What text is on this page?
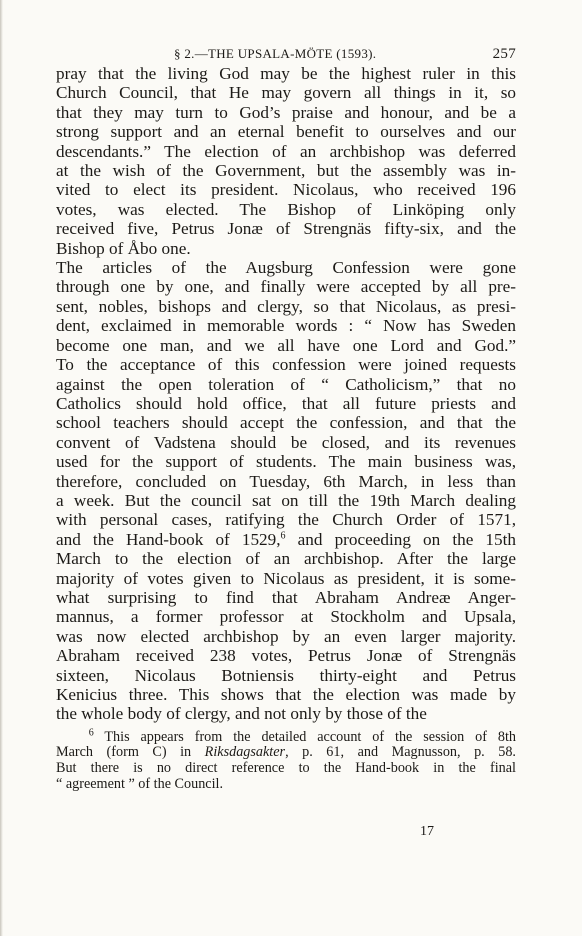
§ 2.—THE UPSALA-MÖTE (1593).	257
pray that the living God may be the highest ruler in this
Church Council, that He may govern all things in it, so
that they may turn to God’s praise and honour, and be a
strong support and an eternal benefit to ourselves and our
descendants.” The election of an archbishop was deferred
at the wish of the Government, but the assembly was in-
vited to elect its president. Nicolaus, who received 196
votes, was elected. The Bishop of Linköping only
received five, Petrus Jonæ of Strengnäs fifty-six, and the
Bishop of Åbo one.
The articles of the Augsburg Confession were gone
through one by one, and finally were accepted by all pre-
sent, nobles, bishops and clergy, so that Nicolaus, as presi-
dent, exclaimed in memorable words : “ Now has Sweden
become one man, and we all have one Lord and God.”
To the acceptance of this confession were joined requests
against the open toleration of “ Catholicism,” that no
Catholics should hold office, that all future priests and
school teachers should accept the confession, and that the
convent of Vadstena should be closed, and its revenues
used for the support of students. The main business was,
therefore, concluded on Tuesday, 6th March, in less than
a week. But the council sat on till the 19th March dealing
with personal cases, ratifying the Church Order of 1571,
and the Hand-book of 1529,$^6$ and proceeding on the 15th
March to the election of an archbishop. After the large
majority of votes given to Nicolaus as president, it is some-
what surprising to find that Abraham Andreæ Anger-
mannus, a former professor at Stockholm and Upsala,
was now elected archbishop by an even larger majority.
Abraham received 238 votes, Petrus Jonæ of Strengnäs
sixteen, Nicolaus Botniensis thirty-eight and Petrus
Kenicius three. This shows that the election was made by
the whole body of clergy, and not only by those of the
$^6$ This appears from the detailed account of the session of 8th
March (form C) in Riksdagsakter, p. 61, and Magnusson, p. 58.
But there is no direct reference to the Hand-book in the final
“ agreement ” of the Council.
17
